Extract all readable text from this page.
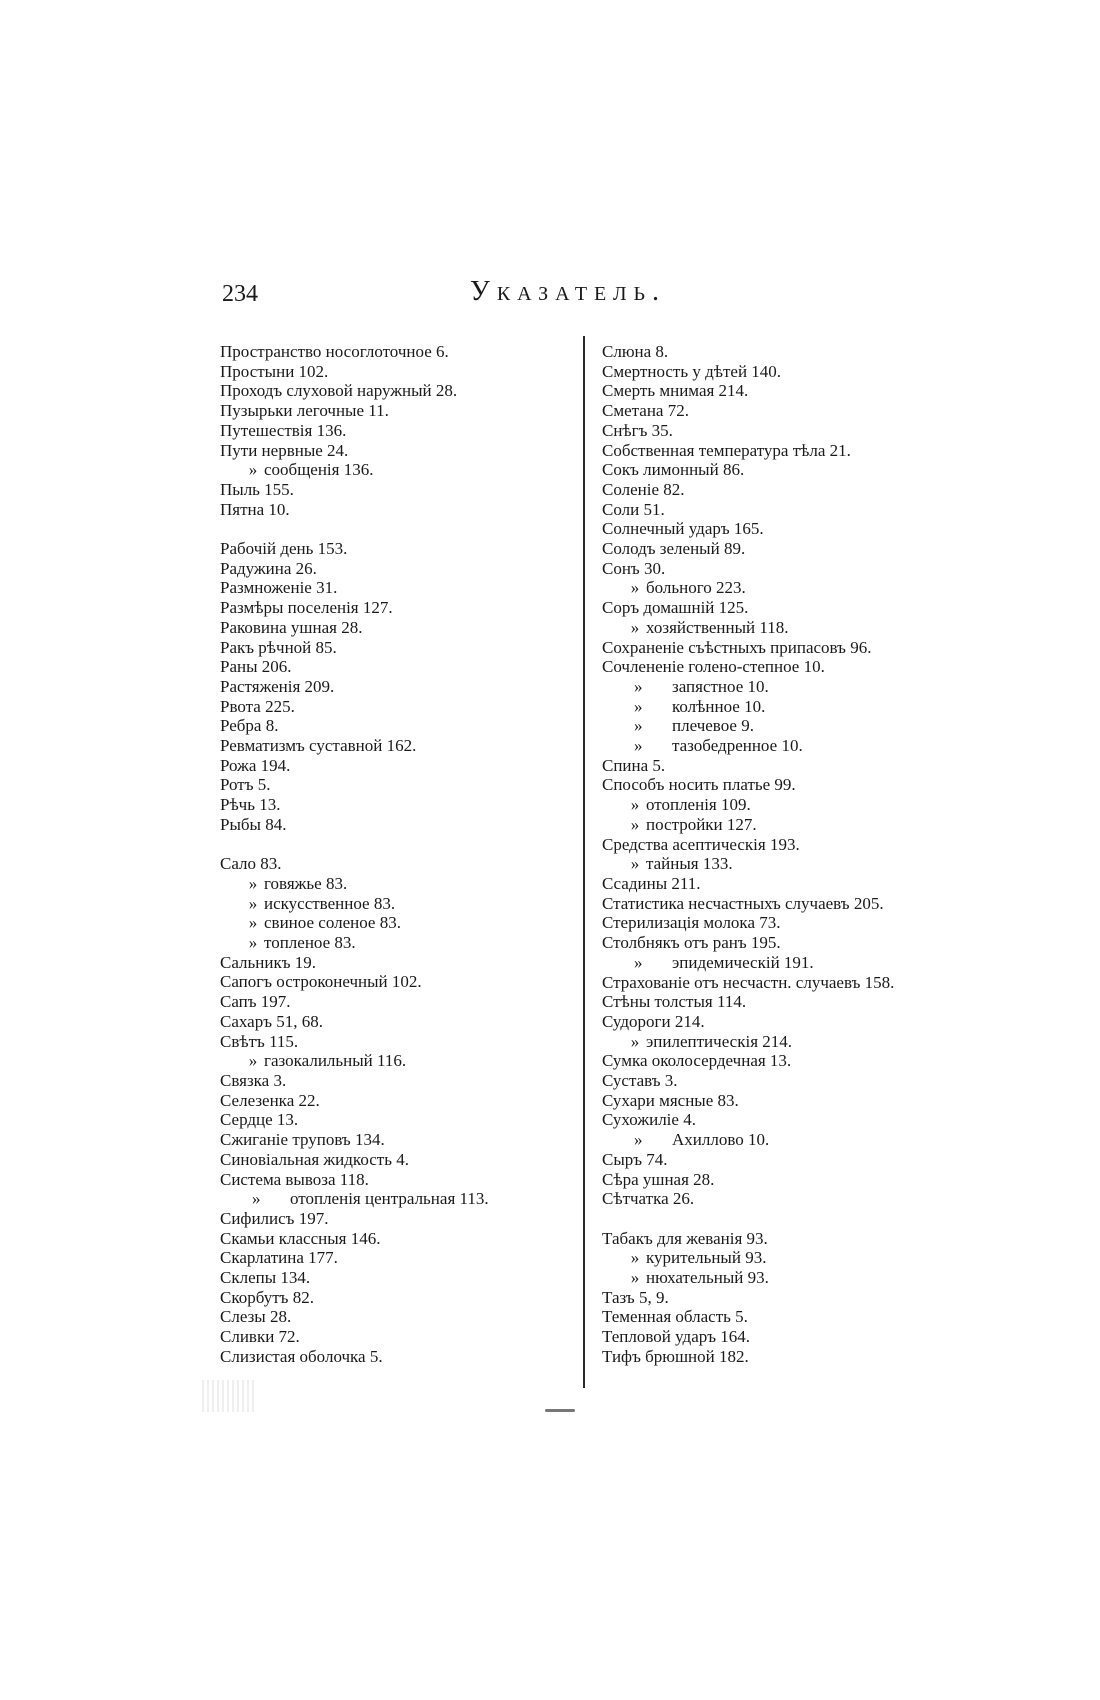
234	Указатель.
Пространство носоглоточное 6.
Простыни 102.
Проходъ слуховой наружный 28.
Пузырьки легочные 11.
Путешествія 136.
Пути нервные 24.
» сообщенія 136.
Пыль 155.
Пятна 10.
Рабочій день 153.
Радужина 26.
Размноженіе 31.
Размѣры поселенія 127.
Раковина ушная 28.
Ракъ рѣчной 85.
Раны 206.
Растяженія 209.
Рвота 225.
Ребра 8.
Ревматизмъ суставной 162.
Рожа 194.
Ротъ 5.
Рѣчь 13.
Рыбы 84.
Сало 83.
» говяжье 83.
» искусственное 83.
» свиное соленое 83.
» топленое 83.
Сальникъ 19.
Сапогъ остроконечный 102.
Сапъ 197.
Сахаръ 51, 68.
Свѣтъ 115.
» газокалильный 116.
Связка 3.
Селезенка 22.
Сердце 13.
Сжиганіе труповъ 134.
Синовіальная жидкость 4.
Система вывоза 118.
» отопленія центральная 113.
Сифилисъ 197.
Скамьи классныя 146.
Скарлатина 177.
Склепы 134.
Скорбутъ 82.
Слезы 28.
Сливки 72.
Слизистая оболочка 5.
Слюна 8.
Смертность у дѣтей 140.
Смерть мнимая 214.
Сметана 72.
Снѣгъ 35.
Собственная температура тѣла 21.
Сокъ лимонный 86.
Соленіе 82.
Соли 51.
Солнечный ударъ 165.
Солодъ зеленый 89.
Сонъ 30.
» больного 223.
Соръ домашній 125.
» хозяйственный 118.
Сохраненіе съѣстныхъ припасовъ 96.
Сочлененіе голено-степное 10.
» запястное 10.
» колѣнное 10.
» плечевое 9.
» тазобедренное 10.
Спина 5.
Способъ носить платье 99.
» отопленія 109.
» постройки 127.
Средства асептическія 193.
» тайныя 133.
Ссадины 211.
Статистика несчастныхъ случаевъ 205.
Стерилизація молока 73.
Столбнякъ отъ ранъ 195.
» эпидемическій 191.
Страхованіе отъ несчастн. случаевъ 158.
Стѣны толстыя 114.
Судороги 214.
» эпилептическія 214.
Сумка околосердечная 13.
Суставъ 3.
Сухари мясные 83.
Сухожиліе 4.
» Ахиллово 10.
Сыръ 74.
Сѣра ушная 28.
Сѣтчатка 26.
Табакъ для жеванія 93.
» курительный 93.
» нюхательный 93.
Тазъ 5, 9.
Теменная область 5.
Тепловой ударъ 164.
Тифъ брюшной 182.
